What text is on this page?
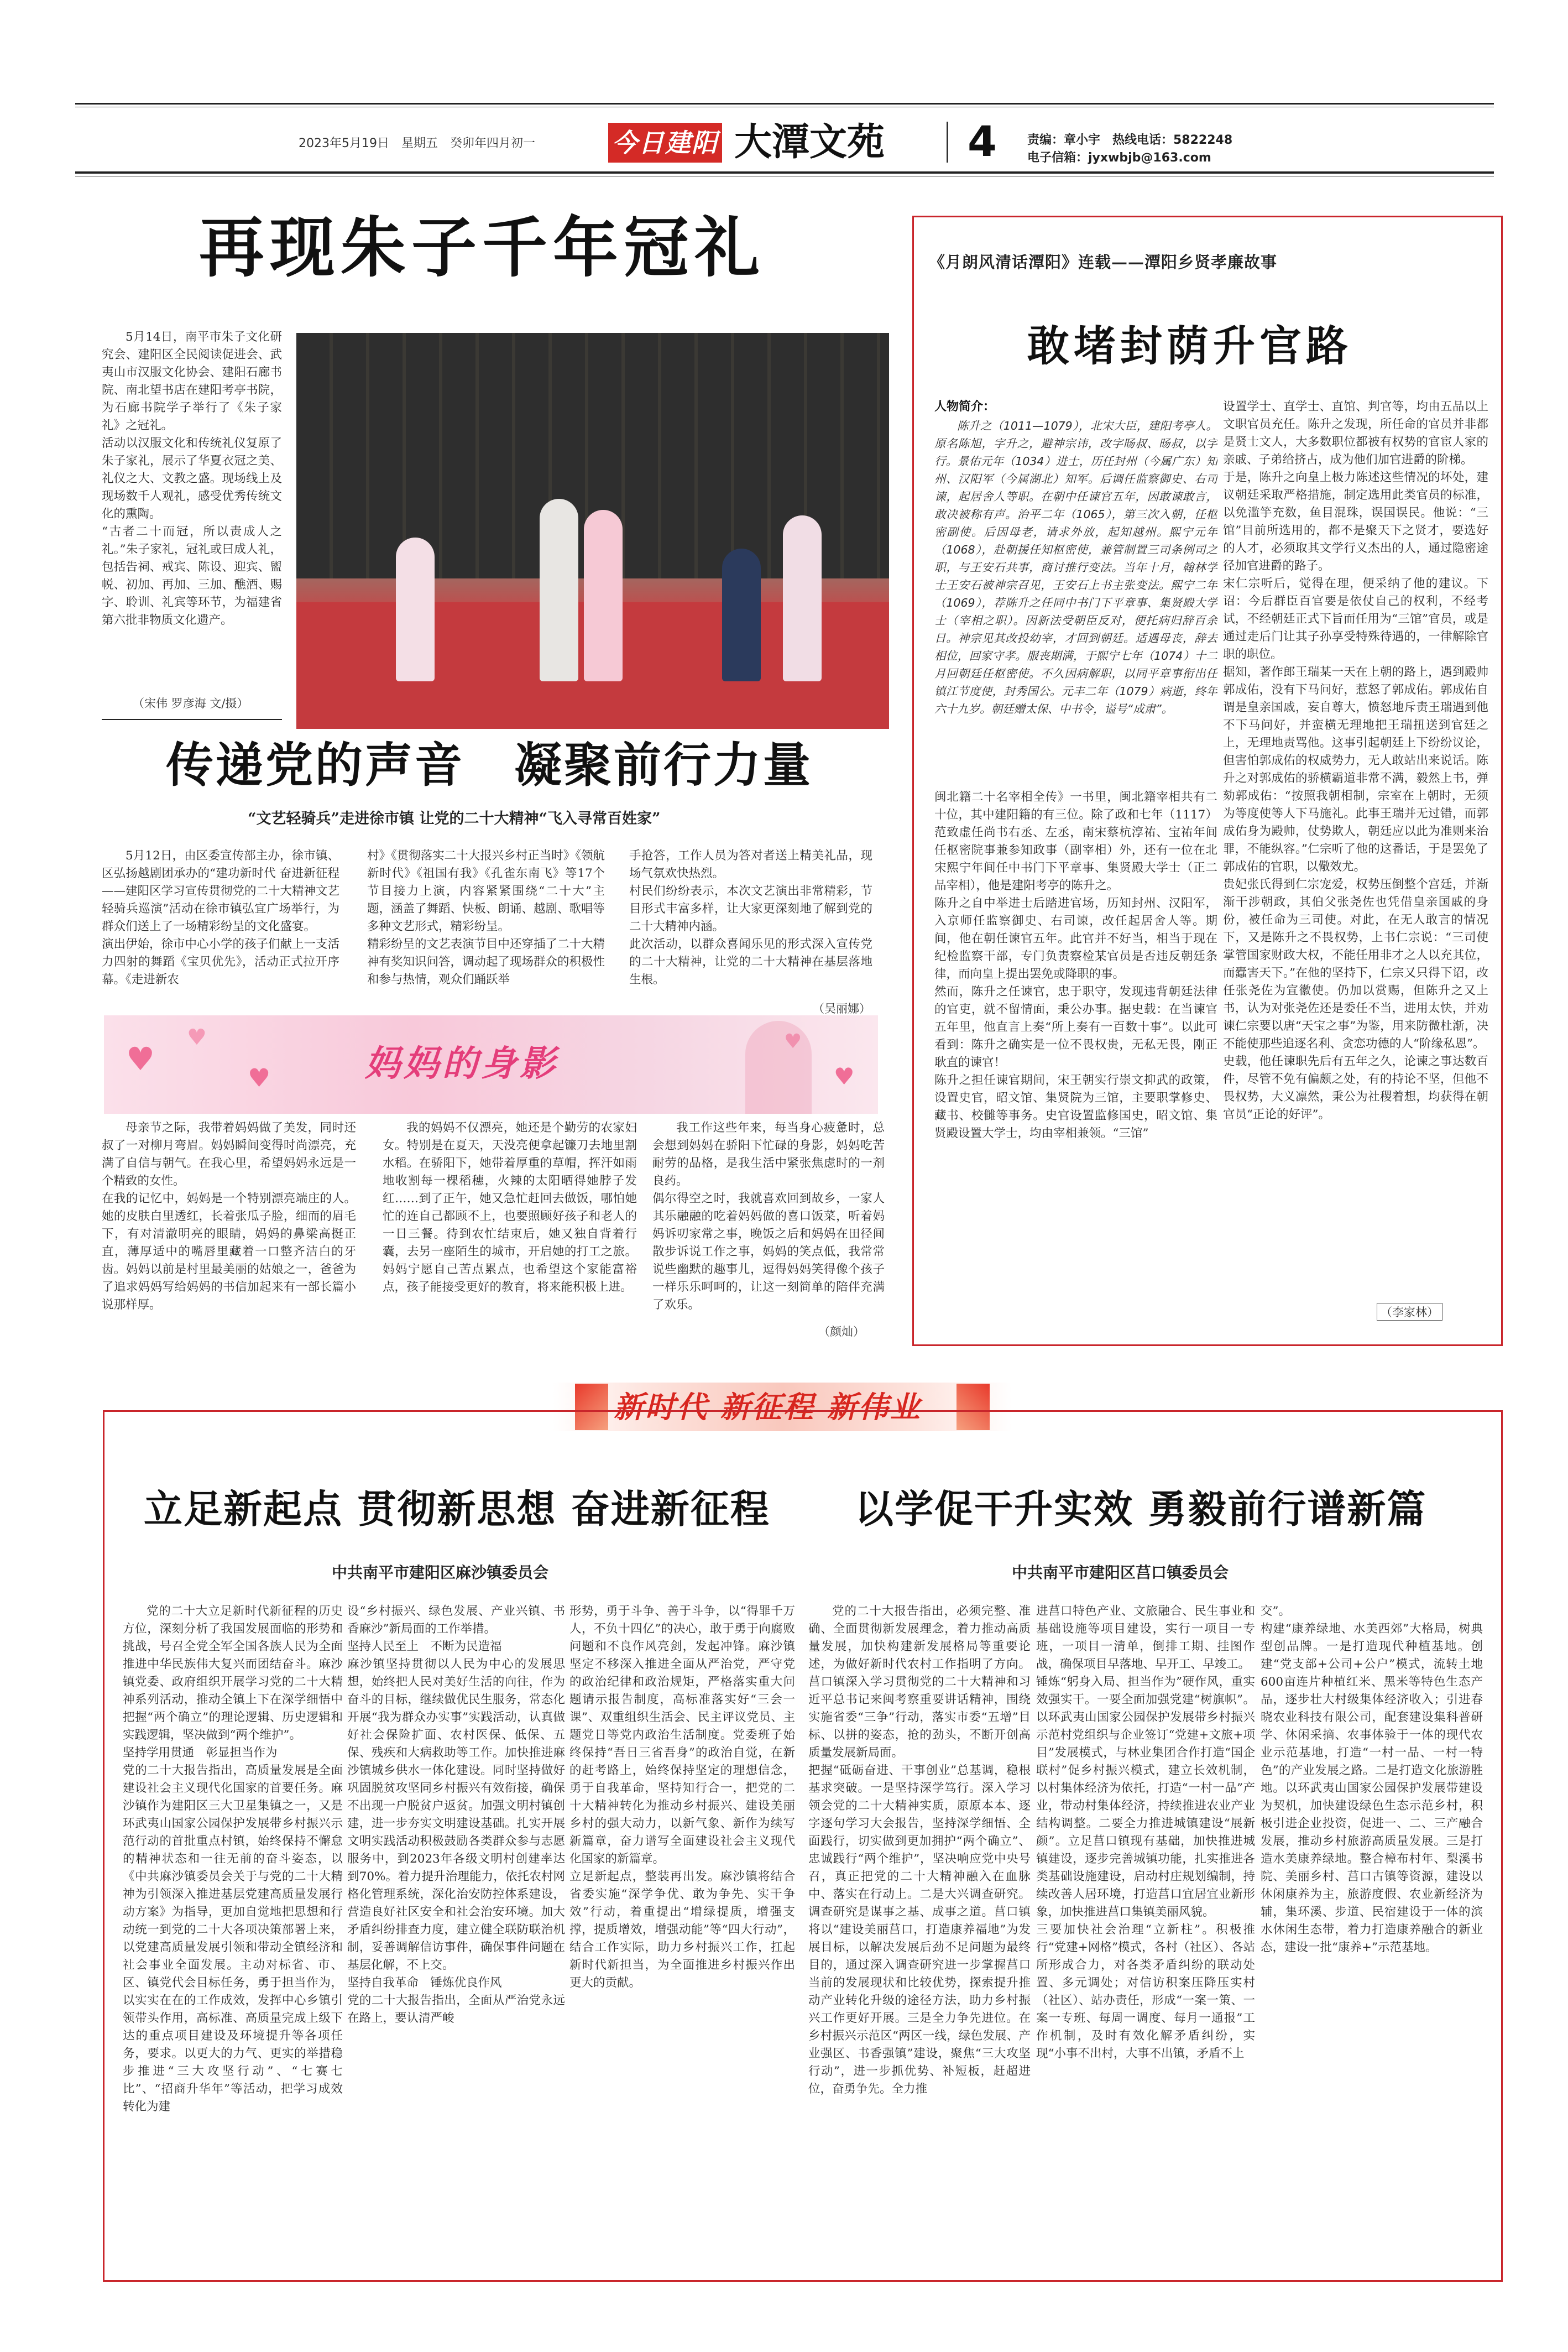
2023年5月19日　星期五　癸卯年四月初一	今日建阳 大潭文苑 4	责编：章小宇　热线电话：5822248
电子信箱：jyxwbjb@163.com
再现朱子千年冠礼
5月14日，南平市朱子文化研究会、建阳区全民阅读促进会、武夷山市汉服文化协会、建阳石廊书院、南北望书店在建阳考亭书院，为石廊书院学子举行了《朱子家礼》之冠礼。
活动以汉服文化和传统礼仪复原了朱子家礼，展示了华夏衣冠之美、礼仪之大、文教之盛。现场线上及现场数千人观礼，感受优秀传统文化的熏陶。
“古者二十而冠，所以责成人之礼。”朱子家礼，冠礼或曰成人礼，包括告祠、戒宾、陈设、迎宾、盥帨、初加、再加、三加、醮酒、赐字、聆训、礼宾等环节，为福建省第六批非物质文化遗产。
（宋伟 罗彦海 文/摄）
传递党的声音　凝聚前行力量
“文艺轻骑兵”走进徐市镇 让党的二十大精神“飞入寻常百姓家”
5月12日，由区委宣传部主办，徐市镇、区弘扬越剧团承办的“建功新时代 奋进新征程——建阳区学习宣传贯彻党的二十大精神文艺轻骑兵巡演”活动在徐市镇弘宜广场举行，为群众们送上了一场精彩纷呈的文化盛宴。
演出伊始，徐市中心小学的孩子们献上一支活力四射的舞蹈《宝贝优先》，活动正式拉开序幕。《走进新农
村》《贯彻落实二十大报兴乡村正当时》《领航新时代》《祖国有我》《孔雀东南飞》等17个节目接力上演，内容紧紧围绕“二十大”主题，涵盖了舞蹈、快板、朗诵、越剧、歌唱等多种文艺形式，精彩纷呈。
精彩纷呈的文艺表演节目中还穿插了二十大精神有奖知识问答，调动起了现场群众的积极性和参与热情，观众们踊跃举
手抢答，工作人员为答对者送上精美礼品，现场气氛欢快热烈。
村民们纷纷表示，本次文艺演出非常精彩，节目形式丰富多样，让大家更深刻地了解到党的二十大精神内涵。
此次活动，以群众喜闻乐见的形式深入宣传党的二十大精神，让党的二十大精神在基层落地生根。
（吴丽娜）
♥
♥
♥
♥
♥
妈妈的身影
母亲节之际，我带着妈妈做了美发，同时还叔了一对柳月弯眉。妈妈瞬间变得时尚漂亮，充满了自信与朝气。在我心里，希望妈妈永远是一个精致的女性。
在我的记忆中，妈妈是一个特别漂亮端庄的人。她的皮肤白里透红，长着张瓜子脸，细而的眉毛下，有对清澈明亮的眼睛，妈妈的鼻梁高挺正直，薄厚适中的嘴唇里藏着一口整齐洁白的牙齿。妈妈以前是村里最美丽的姑娘之一，爸爸为了追求妈妈写给妈妈的书信加起来有一部长篇小说那样厚。
我的妈妈不仅漂亮，她还是个勤劳的农家妇女。特别是在夏天，天没亮便拿起镰刀去地里割水稻。在骄阳下，她带着厚重的草帽，挥汗如雨地收割每一棵稻穗，火辣的太阳晒得她脖子发红……到了正午，她又急忙赶回去做饭，哪怕她忙的连自己都顾不上，也要照顾好孩子和老人的一日三餐。待到农忙结束后，她又独自背着行囊，去另一座陌生的城市，开启她的打工之旅。妈妈宁愿自己苦点累点，也希望这个家能富裕点，孩子能接受更好的教育，将来能积极上进。
我工作这些年来，每当身心疲惫时，总会想到妈妈在骄阳下忙碌的身影，妈妈吃苦耐劳的品格，是我生活中紧张焦虑时的一剂良药。
偶尔得空之时，我就喜欢回到故乡，一家人其乐融融的吃着妈妈做的喜口饭菜，听着妈妈诉叨家常之事，晚饭之后和妈妈在田径间散步诉说工作之事，妈妈的笑点低，我常常说些幽默的趣事儿，逗得妈妈笑得像个孩子一样乐乐呵呵的，让这一刻简单的陪伴充满了欢乐。
（颜灿）
《月朗风清话潭阳》连载——潭阳乡贤孝廉故事
敢堵封荫升官路
人物简介：
陈升之（1011—1079），北宋大臣，建阳考亭人。原名陈旭，字升之，避神宗讳，改字旸叔、旸叔，以字行。景佑元年（1034）进士，历任封州（今属广东）知州、汉阳军（今属湖北）知军。后调任监察御史、右司谏，起居舍人等职。在朝中任谏官五年，因敢谏敢言，敢决被称有声。治平二年（1065），第三次入朝，任枢密副使。后因母老，请求外放，起知越州。熙宁元年（1068），赴朝援任知枢密使，兼管制置三司条例司之职，与王安石共事，商讨推行变法。当年十月，翰林学士王安石被神宗召见，王安石上书主张变法。熙宁二年（1069），荐陈升之任同中书门下平章事、集贤殿大学士（宰相之职）。因新法受朝臣反对，便托病归辞百余日。神宗见其改投幼宰，才回到朝廷。适遇母丧，辞去相位，回家守孝。服丧期满，于熙宁七年（1074）十二月回朝廷任枢密使。不久因病解职，以同平章事衔出任镇江节度使，封秀国公。元丰二年（1079）病逝，终年六十九岁。朝廷赠太保、中书令，谥号“成肃”。
闽北籍二十名宰相全传》一书里，闽北籍宰相共有二十位，其中建阳籍的有三位。除了政和七年（1117）范致虚任尚书右丞、左丞，南宋蔡杭淳祐、宝祐年间任枢密院事兼参知政事（副宰相）外，还有一位在北宋熙宁年间任中书门下平章事、集贤殿大学士（正二品宰相），他是建阳考亭的陈升之。
陈升之自中举进士后踏进官场，历知封州、汉阳军，入京师任监察御史、右司谏，改任起居舍人等。期间，他在朝任谏官五年。此官并不好当，相当于现在纪检监察干部，专门负责察检某官员是否违反朝廷条律，而向皇上提出罢免或降职的事。
然而，陈升之任谏官，忠于职守，发现违背朝廷法律的官吏，就不留情面，秉公办事。据史载：在当谏官五年里，他直言上奏“所上奏有一百数十事”。以此可看到：陈升之确实是一位不畏权贵，无私无畏，刚正耿直的谏官！
陈升之担任谏官期间，宋王朝实行崇文抑武的政策，设置史官，昭文馆、集贤院为三馆，主要职掌修史、藏书、校雠等事务。史官设置监修国史，昭文馆、集贤殿设置大学士，均由宰相兼领。“三馆”
设置学士、直学士、直馆、判官等，均由五品以上文职官员充任。陈升之发现，所任命的官员并非都是贤士文人，大多数职位都被有权势的官宦人家的亲戚、子弟给挤占，成为他们加官进爵的阶梯。
于是，陈升之向皇上极力陈述这些情况的坏处，建议朝廷采取严格措施，制定选用此类官员的标准，以免滥竽充数，鱼目混珠，误国误民。他说：“三馆”目前所选用的，都不是聚天下之贤才，要选好的人才，必须取其文学行义杰出的人，通过隐密途径加官进爵的路子。
宋仁宗听后，觉得在理，便采纳了他的建议。下诏：今后群臣百官要是依仗自己的权利，不经考试，不经朝廷正式下旨而任用为“三馆”官员，或是通过走后门让其子孙享受特殊待遇的，一律解除官职的职位。
据知，著作郎王瑞某一天在上朝的路上，遇到殿帅郭成佑，没有下马问好，惹怒了郭成佑。郭成佑自谓是皇亲国戚，妄自尊大，愤怒地斥责王瑞遇到他不下马问好，并蛮横无理地把王瑞扭送到官廷之上，无理地责骂他。这事引起朝廷上下纷纷议论，但害怕郭成佑的权威势力，无人敢站出来说话。陈升之对郭成佑的骄横霸道非常不满，毅然上书，弹劾郭成佑：“按照我朝相制，宗室在上朝时，无须为等度使等人下马施礼。此事王瑞并无过错，而郭成佑身为殿帅，仗势欺人，朝廷应以此为准则来治罪，不能纵容。”仁宗听了他的这番话，于是罢免了郭成佑的官职，以儆效尤。
贵妃张氏得到仁宗宠爱，权势压倒整个宫廷，并渐渐干涉朝政，其伯父张尧佐也凭借皇亲国戚的身份，被任命为三司使。对此，在无人敢言的情况下，又是陈升之不畏权势，上书仁宗说：“三司使掌管国家财政大权，不能任用非才之人以充其位，而蠹害天下。”在他的坚持下，仁宗又只得下诏，改任张尧佐为宣徽使。仍加以赏赐，但陈升之又上书，认为对张尧佐还是委任不当，进用太快，并劝谏仁宗要以唐“天宝之事”为鉴，用来防微杜渐，决不能使那些追逐名利、贪恋功德的人“阶缘私恩”。
史载，他任谏职先后有五年之久，论谏之事达数百件，尽管不免有偏颇之处，有的持论不坚，但他不畏权势，大义凛然，秉公为社稷着想，均获得在朝官员“正论的好评”。
（李家林）
新时代 新征程 新伟业
立足新起点 贯彻新思想 奋进新征程
中共南平市建阳区麻沙镇委员会
以学促干升实效 勇毅前行谱新篇
中共南平市建阳区莒口镇委员会
党的二十大立足新时代新征程的历史方位，深刻分析了我国发展面临的形势和挑战，号召全党全军全国各族人民为全面推进中华民族伟大复兴而团结奋斗。麻沙镇党委、政府组织开展学习党的二十大精神系列活动，推动全镇上下在深学细悟中把握“两个确立”的理论逻辑、历史逻辑和实践逻辑，坚决做到“两个维护”。
坚持学用贯通　彰显担当作为
党的二十大报告指出，高质量发展是全面建设社会主义现代化国家的首要任务。麻沙镇作为建阳区三大卫星集镇之一，又是环武夷山国家公园保护发展带乡村振兴示范行动的首批重点村镇，始终保持不懈怠的精神状态和一往无前的奋斗姿态，以《中共麻沙镇委员会关于与党的二十大精神为引领深入推进基层党建高质量发展行动方案》为指导，更加自觉地把思想和行动统一到党的二十大各项决策部署上来，以党建高质量发展引领和带动全镇经济和社会事业全面发展。主动对标省、市、区、镇党代会目标任务，勇于担当作为，以实实在在的工作成效，发挥中心乡镇引领带头作用，高标准、高质量完成上级下达的重点项目建设及环境提升等各项任务，要求。以更大的力气、更实的举措稳步推进“三大攻坚行动”、“七赛七比”、“招商升华年”等活动，把学习成效转化为建
设“乡村振兴、绿色发展、产业兴镇、书香麻沙”新局面的工作举措。
坚持人民至上　不断为民造福
麻沙镇坚持贯彻以人民为中心的发展思想，始终把人民对美好生活的向往，作为奋斗的目标，继续做优民生服务，常态化开展“我为群众办实事”实践活动，认真做好社会保险扩面、农村医保、低保、五保、残疾和大病救助等工作。加快推进麻沙镇城乡供水一体化建设。同时坚持做好巩固脱贫攻坚同乡村振兴有效衔接，确保不出现一户脱贫户返贫。加强文明村镇创建，进一步夯实文明建设基础。扎实开展文明实践活动积极鼓励各类群众参与志愿服务中，到2023年各级文明村创建率达到70%。着力提升治理能力，依托农村网格化管理系统，深化治安防控体系建设，营造良好社区安全和社会治安环境。加大矛盾纠纷排查力度，建立健全联防联治机制，妥善调解信访事件，确保事件问题在基层化解，不上交。
坚持自我革命　锤炼优良作风
党的二十大报告指出，全面从严治党永远在路上，要认清严峻
形势，勇于斗争、善于斗争，以“得罪千万人，不负十四亿”的决心，敢于勇于向腐败问题和不良作风亮剑，发起冲锋。麻沙镇坚定不移深入推进全面从严治党，严守党的政治纪律和政治规矩，严格落实重大问题请示报告制度，高标准落实好“三会一课”、双重组织生活会、民主评议党员、主题党日等党内政治生活制度。党委班子始终保持“吾日三省吾身”的政治自觉，在新的赶考路上，始终保持坚定的理想信念，勇于自我革命，坚持知行合一，把党的二十大精神转化为推动乡村振兴、建设美丽乡村的强大动力，以新气象、新作为续写新篇章，奋力谱写全面建设社会主义现代化国家的新篇章。
立足新起点，整装再出发。麻沙镇将结合省委实施“深学争优、敢为争先、实干争效”行动，着重提出“增绿提质，增强支撑，提质增效，增强动能”等“四大行动”，结合工作实际，助力乡村振兴工作，扛起新时代新担当，为全面推进乡村振兴作出更大的贡献。
党的二十大报告指出，必须完整、准确、全面贯彻新发展理念，着力推动高质量发展，加快构建新发展格局等重要论述，为做好新时代农村工作指明了方向。莒口镇深入学习贯彻党的二十大精神和习近平总书记来闽考察重要讲话精神，围绕实施省委“三争”行动，落实市委“五增”目标、以拼的姿态，抢的劲头，不断开创高质量发展新局面。
把握“砥砺奋进、干事创业”总基调，稳根基求突破。一是坚持深学笃行。深入学习领会党的二十大精神实质，原原本本、逐字逐句学习大会报告，坚持深学细悟、全面践行，切实做到更加拥护“两个确立”、忠诚践行“两个维护”，坚决响应党中央号召，真正把党的二十大精神融入在血脉中、落实在行动上。二是大兴调查研究。调查研究是谋事之基、成事之道。莒口镇将以“建设美丽莒口，打造康养福地”为发展目标，以解决发展后劲不足问题为最终目的，通过深入调查研究进一步掌握莒口当前的发展现状和比较优势，探索提升推动产业转化升级的途径方法，助力乡村振兴工作更好开展。三是全力争先进位。在乡村振兴示范区“两区一线，绿色发展、产业强区、书香强镇”建设，聚焦“三大攻坚行动”，进一步抓优势、补短板，赶超进位，奋勇争先。全力推
进莒口特色产业、文旅融合、民生事业和基础设施等项目建设，实行一项目一专班，一项目一清单，倒排工期、挂图作战，确保项目早落地、早开工、早竣工。
锤炼“躬身入局、担当作为”硬作风，重实效强实干。一要全面加强党建“树旗帜”。以环武夷山国家公园保护发展带乡村振兴示范村党组织与企业签订“党建+文旅+项目”发展模式，与林业集团合作打造“国企联村”促乡村振兴模式，建立长效机制，以村集体经济为依托，打造“一村一品”产业，带动村集体经济，持续推进农业产业结构调整。二要全力推进城镇建设“展新颜”。立足莒口镇现有基础，加快推进城镇建设，逐步完善城镇功能，扎实推进各类基础设施建设，启动村庄规划编制，持续改善人居环境，打造莒口宜居宜业新形象，加快推进莒口集镇美丽风貌。
三要加快社会治理“立新柱”。积极推行“党建+网格”模式，各村（社区）、各站所形成合力，对各类矛盾纠纷的联动处置、多元调处；对信访积案压降压实村（社区）、站办责任，形成“一案一策、一案一专班、每周一调度、每月一通报”工作机制，及时有效化解矛盾纠纷，实现“小事不出村，大事不出镇，矛盾不上
交”。
构建“康养绿地、水美西郊”大格局，树典型创品牌。一是打造现代种植基地。创建“党支部+公司+公户”模式，流转土地600亩连片种植红米、黑米等特色生态产品，逐步壮大村级集体经济收入；引进春晓农业科技有限公司，配套建设集科普研学、休闲采摘、农事体验于一体的现代农业示范基地，打造“一村一品、一村一特色”的产业发展之路。二是打造文化旅游胜地。以环武夷山国家公园保护发展带建设为契机，加快建设绿色生态示范乡村，积极引进企业投资，促进一、二、三产融合发展，推动乡村旅游高质量发展。三是打造水美康养绿地。整合樟布村年、梨溪书院、美丽乡村、莒口古镇等资源，建设以休闲康养为主，旅游度假、农业新经济为辅，集环溪、步道、民宿建设于一体的滨水休闲生态带，着力打造康养融合的新业态，建设一批“康养+”示范基地。
